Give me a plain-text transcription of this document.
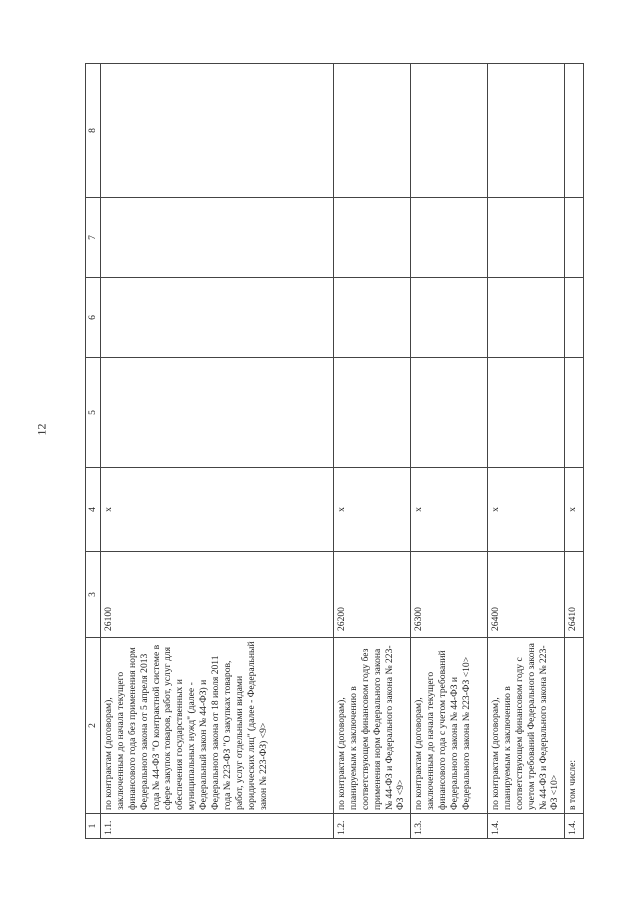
12
1	2	3	4	5	6	7	8
1.1.	по контрактам (договорам), заключенным до начала текущего финансового года без применения норм Федерального закона от 5 апреля 2013 года № 44-ФЗ "О контрактной системе в сфере закупок товаров, работ, услуг для обеспечения государственных и муниципальных нужд" (далее - Федеральный закон № 44-ФЗ) и Федерального закона от 18 июля 2011 года № 223-ФЗ "О закупках товаров, работ, услуг отдельными видами юридических лиц" (далее - Федеральный закон № 223-ФЗ) <9>	26100	x				
1.2.	по контрактам (договорам), планируемым к заключению в соответствующем финансовом году без применения норм Федерального закона № 44-ФЗ и Федерального закона № 223-ФЗ <9>	26200	x				
1.3.	по контрактам (договорам), заключенным до начала текущего финансового года с учетом требований Федерального закона № 44-ФЗ и Федерального закона № 223-ФЗ <10>	26300	x				
1.4.	по контрактам (договорам), планируемым к заключению в соответствующем финансовом году с учетом требований Федерального закона № 44-ФЗ и Федерального закона № 223-ФЗ <10>	26400	x				
1.4.	в том числе:	26410	x				
